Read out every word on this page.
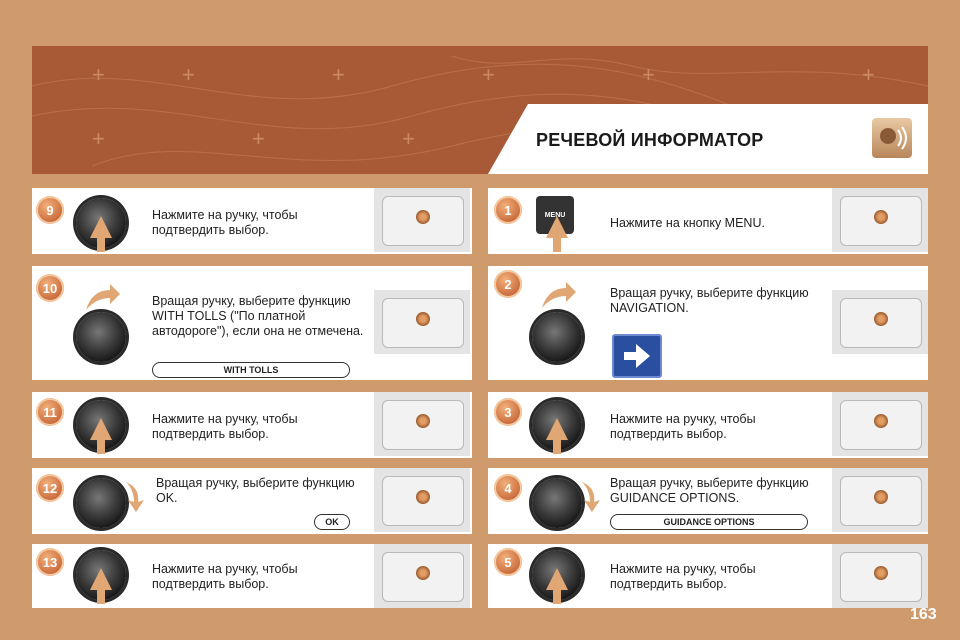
+	+	+	+	+	+
+	+	+	РЕЧЕВОЙ ИНФОРМАТОР
9	Нажмите на ручку, чтобы подтвердить выбор.
10
Вращая ручку, выберите функцию WITH TOLLS ("По платной автодороге"), если она не отмечена.
WITH TOLLS
11	Нажмите на ручку, чтобы подтвердить выбор.
12	Вращая ручку, выберите функцию OK.
OK
13	Нажмите на ручку, чтобы подтвердить выбор.
1	MENU
Нажмите на кнопку MENU.
2
Вращая ручку, выберите функцию NAVIGATION.
3	Нажмите на ручку, чтобы подтвердить выбор.
4	Вращая ручку, выберите функцию GUIDANCE OPTIONS.
GUIDANCE OPTIONS
5	Нажмите на ручку, чтобы подтвердить выбор.
163
